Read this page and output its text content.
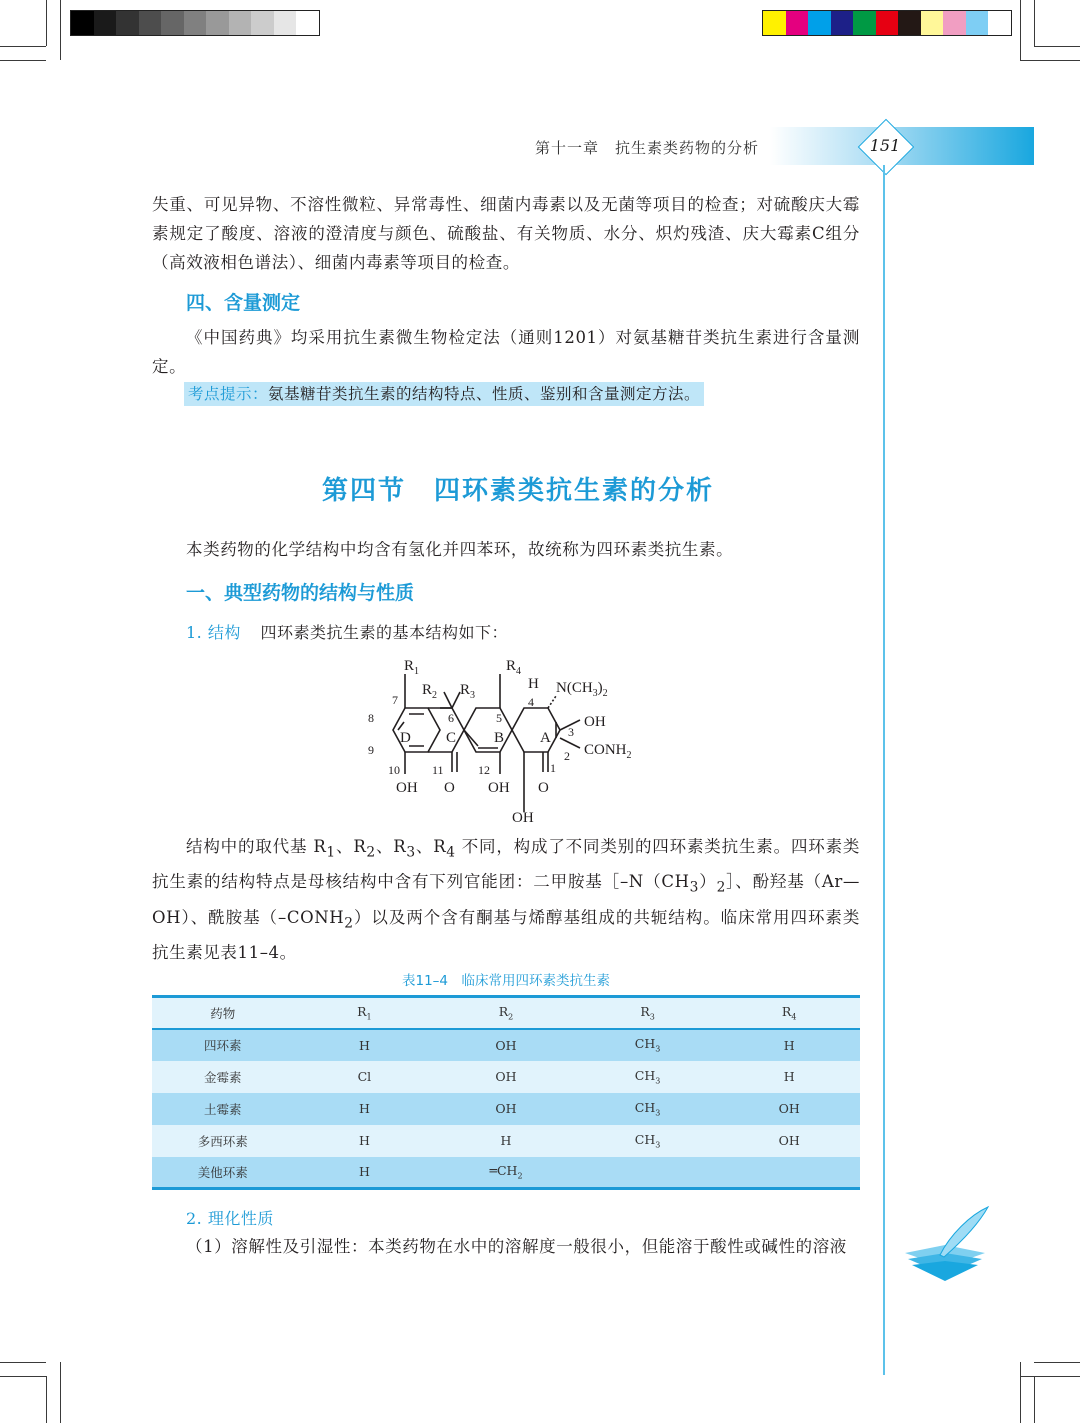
第十一章　抗生素类药物的分析	151
失重、可见异物、不溶性微粒、异常毒性、细菌内毒素以及无菌等项目的检查；对硫酸庆大霉素规定了酸度、溶液的澄清度与颜色、硫酸盐、有关物质、水分、炽灼残渣、庆大霉素C组分（高效液相色谱法）、细菌内毒素等项目的检查。
四、含量测定
《中国药典》均采用抗生素微生物检定法（通则1201）对氨基糖苷类抗生素进行含量测定。
考点提示：氨基糖苷类抗生素的结构特点、性质、鉴别和含量测定方法。
第四节　四环素类抗生素的分析
本类药物的化学结构中均含有氢化并四苯环，故统称为四环素类抗生素。
一、典型药物的结构与性质
1. 结构 四环素类抗生素的基本结构如下：
$R_1$
$R_2$ $R_3$
$R_4$
H $N(CH_3)_2$
OH
$CONH_2$
D C	B A
OH O OH O
OH
7
8
9
10	11	12
6	5
4
3
2
1
结构中的取代基 $R_1$、$R_2$、$R_3$、$R_4$ 不同，构成了不同类别的四环素类抗生素。四环素类抗生素的结构特点是母核结构中含有下列官能团：二甲胺基$[-N(CH_3)_2]$、酚羟基（Ar—OH）、酰胺基$(-CONH_2)$以及两个含有酮基与烯醇基组成的共轭结构。临床常用四环素类抗生素见表11–4。
表11–4　临床常用四环素类抗生素
药物	$R_1$	$R_2$	$R_3$	$R_4$
四环素	H	OH	$CH_3$	H
金霉素	Cl	OH	$CH_3$	H
土霉素	H	OH	$CH_3$	OH
多西环素	H	H	$CH_3$	OH
美他环素	H	$═CH_2$		
2. 理化性质
（1）溶解性及引湿性：本类药物在水中的溶解度一般很小，但能溶于酸性或碱性的溶液
